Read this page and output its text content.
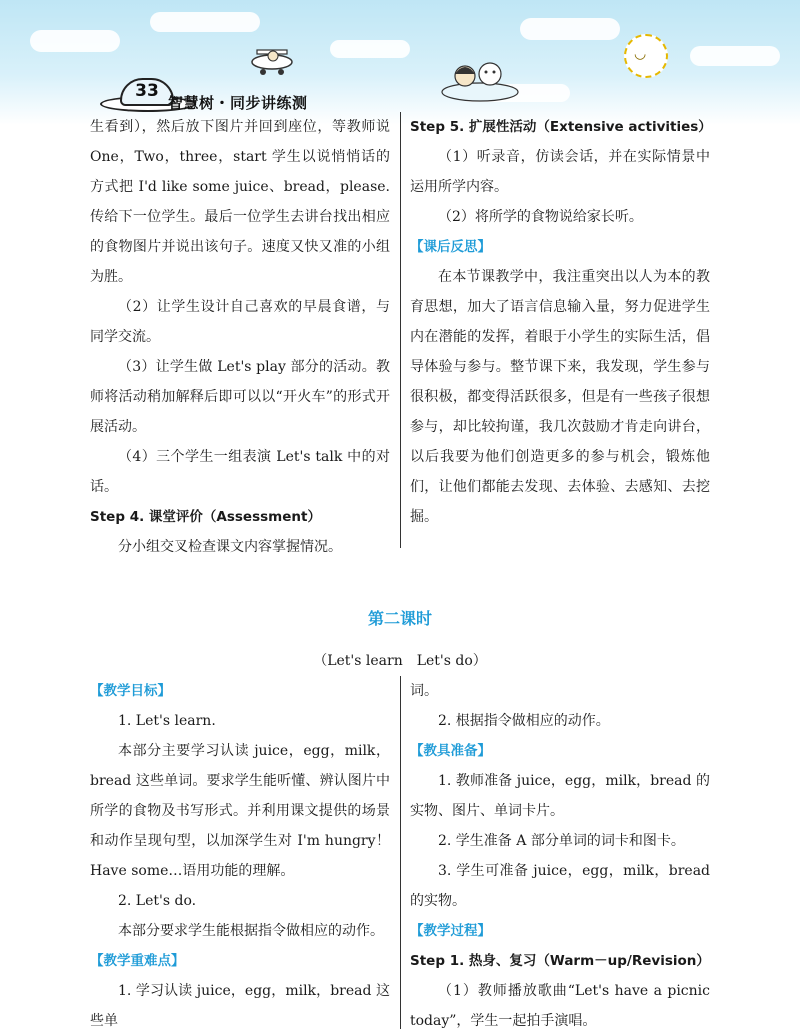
◡
33
智慧树・同步讲练测

生看到），然后放下图片并回到座位，等教师说One，Two，three，start 学生以说悄悄话的方式把 I'd like some juice、bread，please. 传给下一位学生。最后一位学生去讲台找出相应的食物图片并说出该句子。速度又快又准的小组为胜。

（2）让学生设计自己喜欢的早晨食谱，与同学交流。

（3）让学生做 Let's play 部分的活动。教师将活动稍加解释后即可以以“开火车”的形式开展活动。

（4）三个学生一组表演 Let's talk 中的对话。

Step 4. 课堂评价（Assessment）

分小组交叉检查课文内容掌握情况。

Step 5. 扩展性活动（Extensive activities）

（1）听录音，仿读会话，并在实际情景中运用所学内容。

（2）将所学的食物说给家长听。

【课后反思】

在本节课教学中，我注重突出以人为本的教育思想，加大了语言信息输入量，努力促进学生内在潜能的发挥，着眼于小学生的实际生活，倡导体验与参与。整节课下来，我发现，学生参与很积极，都变得活跃很多，但是有一些孩子很想参与，却比较拘谨，我几次鼓励才肯走向讲台，以后我要为他们创造更多的参与机会，锻炼他们，让他们都能去发现、去体验、去感知、去挖掘。

第二课时
（Let's learn　Let's do）

【教学目标】

1. Let's learn.

本部分主要学习认读 juice，egg，milk，bread 这些单词。要求学生能听懂、辨认图片中所学的食物及书写形式。并利用课文提供的场景和动作呈现句型，以加深学生对 I'm hungry！ Have some…语用功能的理解。

2. Let's do.

本部分要求学生能根据指令做相应的动作。

【教学重难点】

1. 学习认读 juice，egg，milk，bread 这些单

词。

2. 根据指令做相应的动作。

【教具准备】

1. 教师准备 juice，egg，milk，bread 的实物、图片、单词卡片。

2. 学生准备 A 部分单词的词卡和图卡。

3. 学生可准备 juice，egg，milk，bread 的实物。

【教学过程】

Step 1. 热身、复习（Warm－up/Revision）

（1）教师播放歌曲“Let's have a picnic today”，学生一起拍手演唱。
